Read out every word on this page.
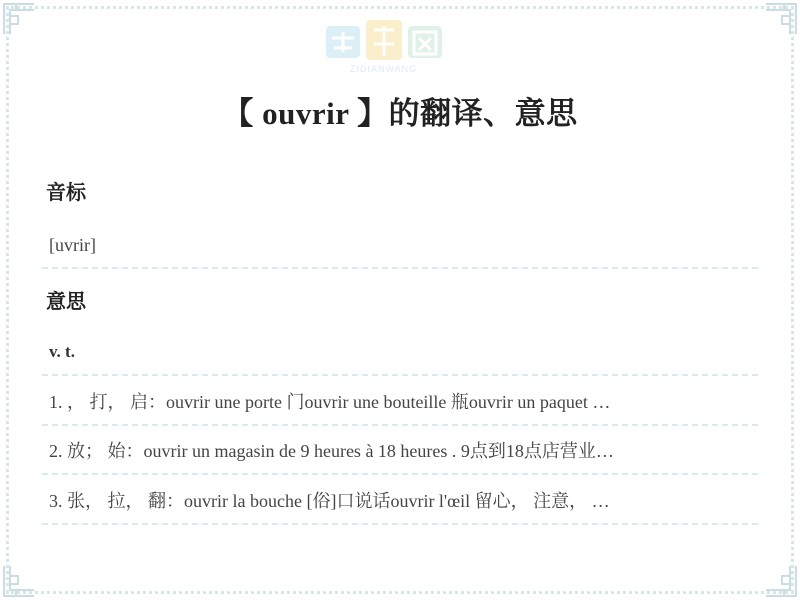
ZIDIANWANG
【 ouvrir 】的翻译、意思
音标
[uvrir]
意思
v. t.
1. ， 打， 启：ouvrir une porte 门ouvrir une bouteille 瓶ouvrir un paquet …
2. 放； 始：ouvrir un magasin de 9 heures à 18 heures . 9点到18点店营业…
3. 张， 拉， 翻：ouvrir la bouche [俗]口说话ouvrir l'œil 留心， 注意， …
